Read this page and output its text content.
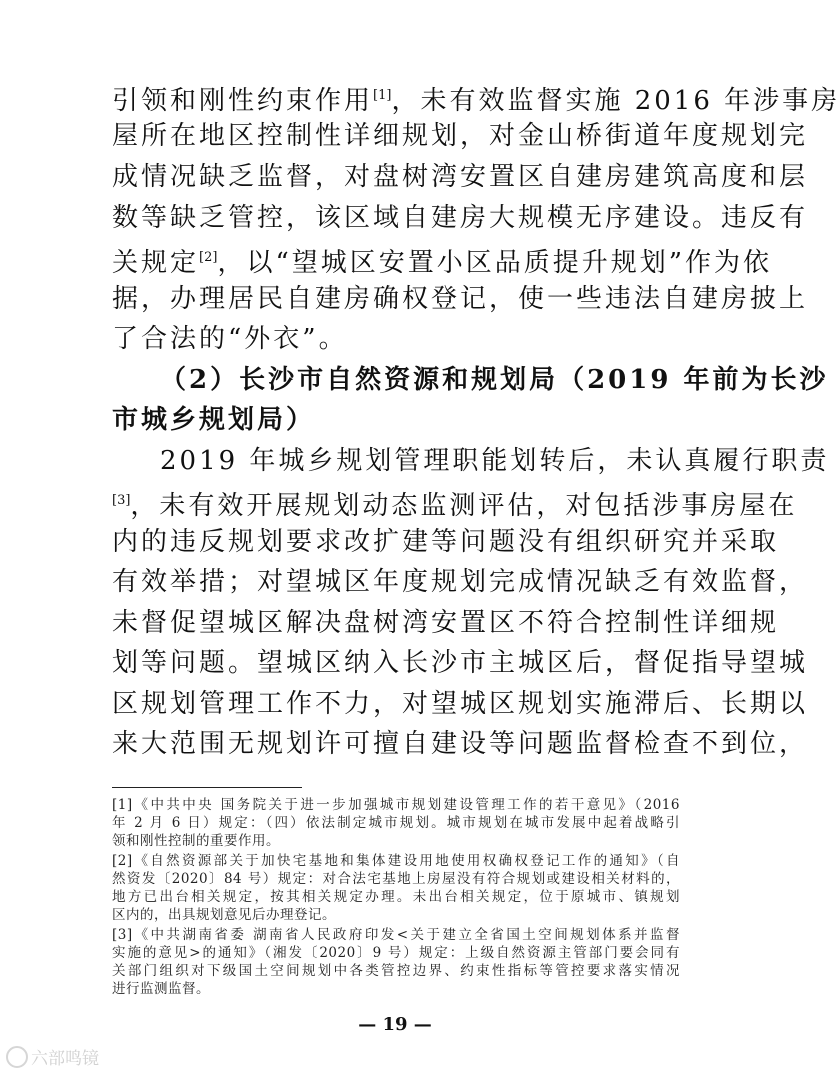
引领和刚性约束作用[1]，未有效监督实施 2016 年涉事房
屋所在地区控制性详细规划，对金山桥街道年度规划完
成情况缺乏监督，对盘树湾安置区自建房建筑高度和层
数等缺乏管控，该区域自建房大规模无序建设。违反有
关规定[2]，以“望城区安置小区品质提升规划”作为依
据，办理居民自建房确权登记，使一些违法自建房披上
了合法的“外衣”。
（2）长沙市自然资源和规划局（2019 年前为长沙
市城乡规划局）
2019 年城乡规划管理职能划转后，未认真履行职责
[3]，未有效开展规划动态监测评估，对包括涉事房屋在
内的违反规划要求改扩建等问题没有组织研究并采取
有效举措；对望城区年度规划完成情况缺乏有效监督，
未督促望城区解决盘树湾安置区不符合控制性详细规
划等问题。望城区纳入长沙市主城区后，督促指导望城
区规划管理工作不力，对望城区规划实施滞后、长期以
来大范围无规划许可擅自建设等问题监督检查不到位，
[1]《中共中央 国务院关于进一步加强城市规划建设管理工作的若干意见》（2016
年 2 月 6 日）规定：（四）依法制定城市规划。城市规划在城市发展中起着战略引
领和刚性控制的重要作用。
[2]《自然资源部关于加快宅基地和集体建设用地使用权确权登记工作的通知》（自
然资发〔2020〕84 号）规定：对合法宅基地上房屋没有符合规划或建设相关材料的，
地方已出台相关规定，按其相关规定办理。未出台相关规定，位于原城市、镇规划
区内的，出具规划意见后办理登记。
[3]《中共湖南省委 湖南省人民政府印发<关于建立全省国土空间规划体系并监督
实施的意见>的通知》（湘发〔2020〕9 号）规定：上级自然资源主管部门要会同有
关部门组织对下级国土空间规划中各类管控边界、约束性指标等管控要求落实情况
进行监测监督。
— 19 —
六部鸣镜
